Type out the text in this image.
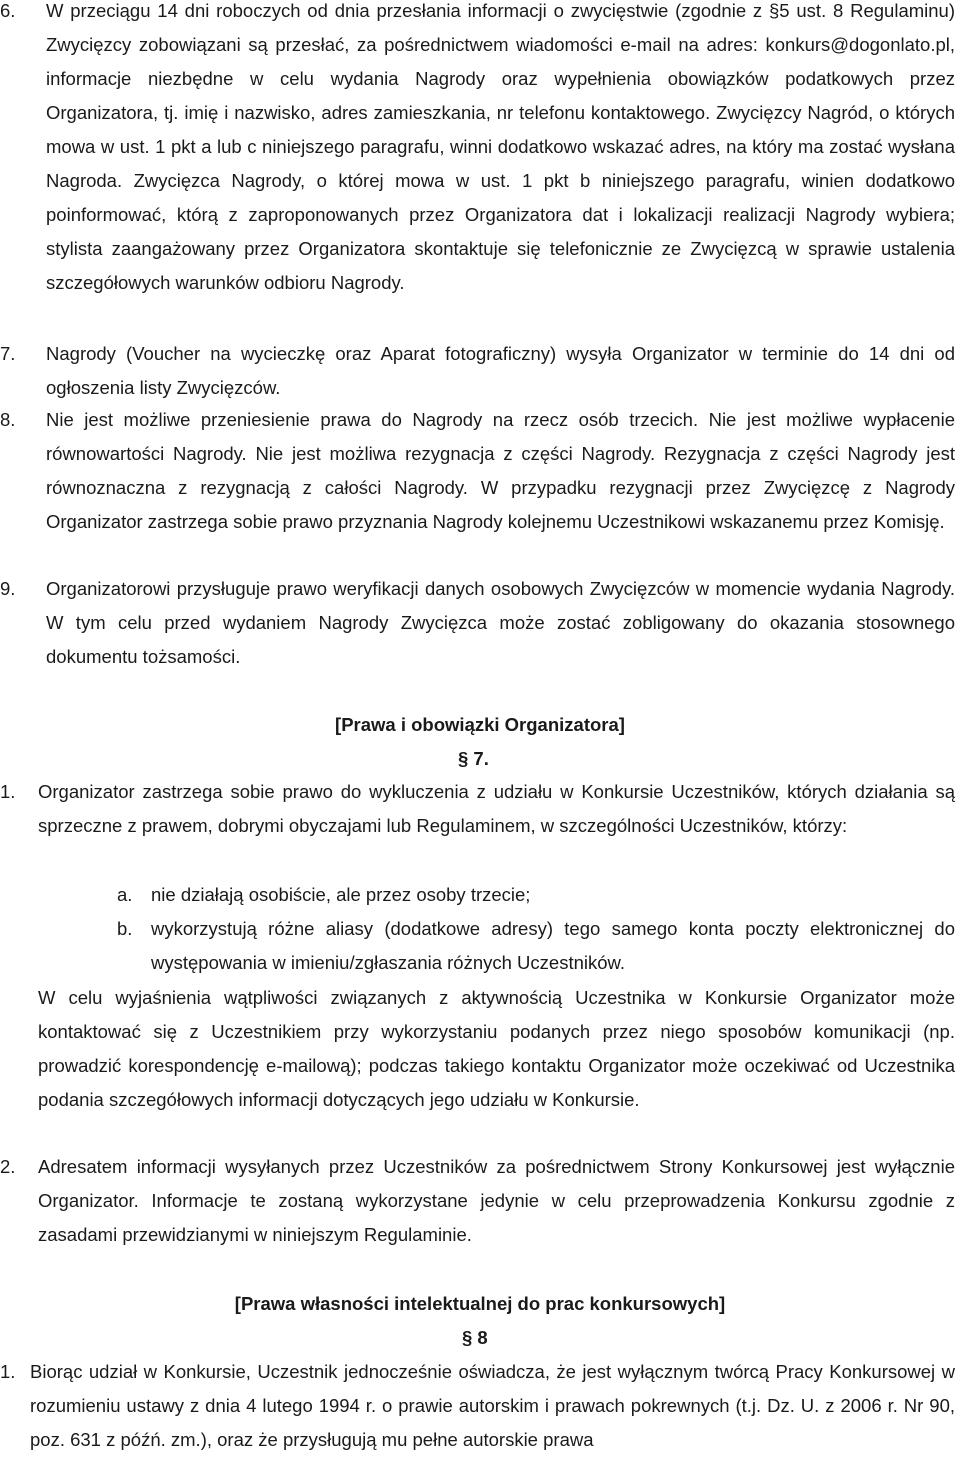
6. W przeciągu 14 dni roboczych od dnia przesłania informacji o zwycięstwie (zgodnie z §5 ust. 8 Regulaminu) Zwycięzcy zobowiązani są przesłać, za pośrednictwem wiadomości e-mail na adres: konkurs@dogonlato.pl, informacje niezbędne w celu wydania Nagrody oraz wypełnienia obowiązków podatkowych przez Organizatora, tj. imię i nazwisko, adres zamieszkania, nr telefonu kontaktowego. Zwycięzcy Nagród, o których mowa w ust. 1 pkt a lub c niniejszego paragrafu, winni dodatkowo wskazać adres, na który ma zostać wysłana Nagroda. Zwycięzca Nagrody, o której mowa w ust. 1 pkt b niniejszego paragrafu, winien dodatkowo poinformować, którą z zaproponowanych przez Organizatora dat i lokalizacji realizacji Nagrody wybiera; stylista zaangażowany przez Organizatora skontaktuje się telefonicznie ze Zwycięzcą w sprawie ustalenia szczegółowych warunków odbioru Nagrody.
7. Nagrody (Voucher na wycieczkę oraz Aparat fotograficzny) wysyła Organizator w terminie do 14 dni od ogłoszenia listy Zwycięzców.
8. Nie jest możliwe przeniesienie prawa do Nagrody na rzecz osób trzecich. Nie jest możliwe wypłacenie równowartości Nagrody. Nie jest możliwa rezygnacja z części Nagrody. Rezygnacja z części Nagrody jest równoznaczna z rezygnacją z całości Nagrody. W przypadku rezygnacji przez Zwycięzcę z Nagrody Organizator zastrzega sobie prawo przyznania Nagrody kolejnemu Uczestnikowi wskazanemu przez Komisję.
9. Organizatorowi przysługuje prawo weryfikacji danych osobowych Zwycięzców w momencie wydania Nagrody. W tym celu przed wydaniem Nagrody Zwycięzca może zostać zobligowany do okazania stosownego dokumentu tożsamości.
[Prawa i obowiązki Organizatora]
§ 7.
1. Organizator zastrzega sobie prawo do wykluczenia z udziału w Konkursie Uczestników, których działania są sprzeczne z prawem, dobrymi obyczajami lub Regulaminem, w szczególności Uczestników, którzy:
a. nie działają osobiście, ale przez osoby trzecie;
b. wykorzystują różne aliasy (dodatkowe adresy) tego samego konta poczty elektronicznej do występowania w imieniu/zgłaszania różnych Uczestników.
W celu wyjaśnienia wątpliwości związanych z aktywnością Uczestnika w Konkursie Organizator może kontaktować się z Uczestnikiem przy wykorzystaniu podanych przez niego sposobów komunikacji (np. prowadzić korespondencję e-mailową); podczas takiego kontaktu Organizator może oczekiwać od Uczestnika podania szczegółowych informacji dotyczących jego udziału w Konkursie.
2. Adresatem informacji wysyłanych przez Uczestników za pośrednictwem Strony Konkursowej jest wyłącznie Organizator. Informacje te zostaną wykorzystane jedynie w celu przeprowadzenia Konkursu zgodnie z zasadami przewidzianymi w niniejszym Regulaminie.
[Prawa własności intelektualnej do prac konkursowych]
§ 8
1. Biorąc udział w Konkursie, Uczestnik jednocześnie oświadcza, że jest wyłącznym twórcą Pracy Konkursowej w rozumieniu ustawy z dnia 4 lutego 1994 r. o prawie autorskim i prawach pokrewnych (t.j. Dz. U. z 2006 r. Nr 90, poz. 631 z późń. zm.), oraz że przysługują mu pełne autorskie prawa
